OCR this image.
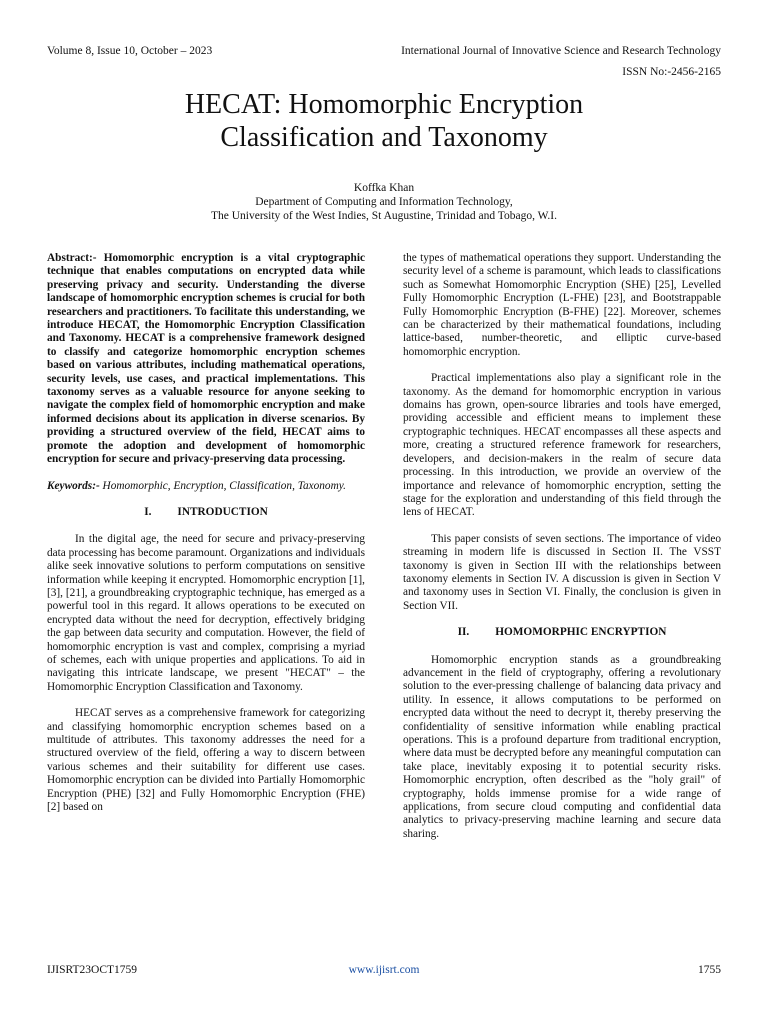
Volume 8, Issue 10, October – 2023	International Journal of Innovative Science and Research Technology
ISSN No:-2456-2165
HECAT: Homomorphic Encryption
Classification and Taxonomy
Koffka Khan
Department of Computing and Information Technology,
The University of the West Indies, St Augustine, Trinidad and Tobago, W.I.

Abstract:- Homomorphic encryption is a vital cryptographic technique that enables computations on encrypted data while preserving privacy and security. Understanding the diverse landscape of homomorphic encryption schemes is crucial for both researchers and practitioners. To facilitate this understanding, we introduce HECAT, the Homomorphic Encryption Classification and Taxonomy. HECAT is a comprehensive framework designed to classify and categorize homomorphic encryption schemes based on various attributes, including mathematical operations, security levels, use cases, and practical implementations. This taxonomy serves as a valuable resource for anyone seeking to navigate the complex field of homomorphic encryption and make informed decisions about its application in diverse scenarios. By providing a structured overview of the field, HECAT aims to promote the adoption and development of homomorphic encryption for secure and privacy-preserving data processing.

Keywords:- Homomorphic, Encryption, Classification, Taxonomy.

I. INTRODUCTION

In the digital age, the need for secure and privacy-preserving data processing has become paramount. Organizations and individuals alike seek innovative solutions to perform computations on sensitive information while keeping it encrypted. Homomorphic encryption [1], [3], [21], a groundbreaking cryptographic technique, has emerged as a powerful tool in this regard. It allows operations to be executed on encrypted data without the need for decryption, effectively bridging the gap between data security and computation. However, the field of homomorphic encryption is vast and complex, comprising a myriad of schemes, each with unique properties and applications. To aid in navigating this intricate landscape, we present "HECAT" – the Homomorphic Encryption Classification and Taxonomy.

HECAT serves as a comprehensive framework for categorizing and classifying homomorphic encryption schemes based on a multitude of attributes. This taxonomy addresses the need for a structured overview of the field, offering a way to discern between various schemes and their suitability for different use cases. Homomorphic encryption can be divided into Partially Homomorphic Encryption (PHE) [32] and Fully Homomorphic Encryption (FHE) [2] based on

the types of mathematical operations they support. Understanding the security level of a scheme is paramount, which leads to classifications such as Somewhat Homomorphic Encryption (SHE) [25], Levelled Fully Homomorphic Encryption (L-FHE) [23], and Bootstrappable Fully Homomorphic Encryption (B-FHE) [22]. Moreover, schemes can be characterized by their mathematical foundations, including lattice-based, number-theoretic, and elliptic curve-based homomorphic encryption.

Practical implementations also play a significant role in the taxonomy. As the demand for homomorphic encryption in various domains has grown, open-source libraries and tools have emerged, providing accessible and efficient means to implement these cryptographic techniques. HECAT encompasses all these aspects and more, creating a structured reference framework for researchers, developers, and decision-makers in the realm of secure data processing. In this introduction, we provide an overview of the importance and relevance of homomorphic encryption, setting the stage for the exploration and understanding of this field through the lens of HECAT.

This paper consists of seven sections. The importance of video streaming in modern life is discussed in Section II. The VSST taxonomy is given in Section III with the relationships between taxonomy elements in Section IV. A discussion is given in Section V and taxonomy uses in Section VI. Finally, the conclusion is given in Section VII.

II. HOMOMORPHIC ENCRYPTION

Homomorphic encryption stands as a groundbreaking advancement in the field of cryptography, offering a revolutionary solution to the ever-pressing challenge of balancing data privacy and utility. In essence, it allows computations to be performed on encrypted data without the need to decrypt it, thereby preserving the confidentiality of sensitive information while enabling practical operations. This is a profound departure from traditional encryption, where data must be decrypted before any meaningful computation can take place, inevitably exposing it to potential security risks. Homomorphic encryption, often described as the "holy grail" of cryptography, holds immense promise for a wide range of applications, from secure cloud computing and confidential data analytics to privacy-preserving machine learning and secure data sharing.

IJISRT23OCT1759	www.ijisrt.com	1755
